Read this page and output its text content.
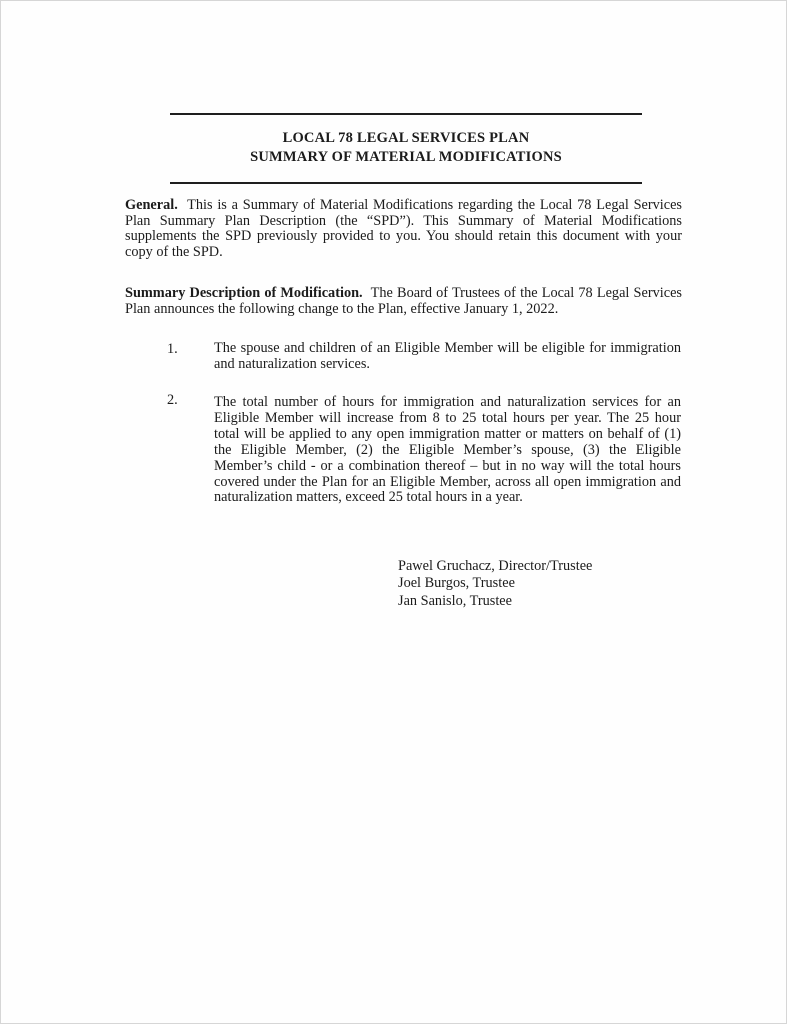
LOCAL 78 LEGAL SERVICES PLAN
SUMMARY OF MATERIAL MODIFICATIONS
General. This is a Summary of Material Modifications regarding the Local 78 Legal Services Plan Summary Plan Description (the “SPD”). This Summary of Material Modifications supplements the SPD previously provided to you. You should retain this document with your copy of the SPD.
Summary Description of Modification. The Board of Trustees of the Local 78 Legal Services Plan announces the following change to the Plan, effective January 1, 2022.
1.	The spouse and children of an Eligible Member will be eligible for immigration and naturalization services.
2.	The total number of hours for immigration and naturalization services for an Eligible Member will increase from 8 to 25 total hours per year. The 25 hour total will be applied to any open immigration matter or matters on behalf of (1) the Eligible Member, (2) the Eligible Member’s spouse, (3) the Eligible Member’s child - or a combination thereof – but in no way will the total hours covered under the Plan for an Eligible Member, across all open immigration and naturalization matters, exceed 25 total hours in a year.
Pawel Gruchacz, Director/Trustee
Joel Burgos, Trustee
Jan Sanislo, Trustee
